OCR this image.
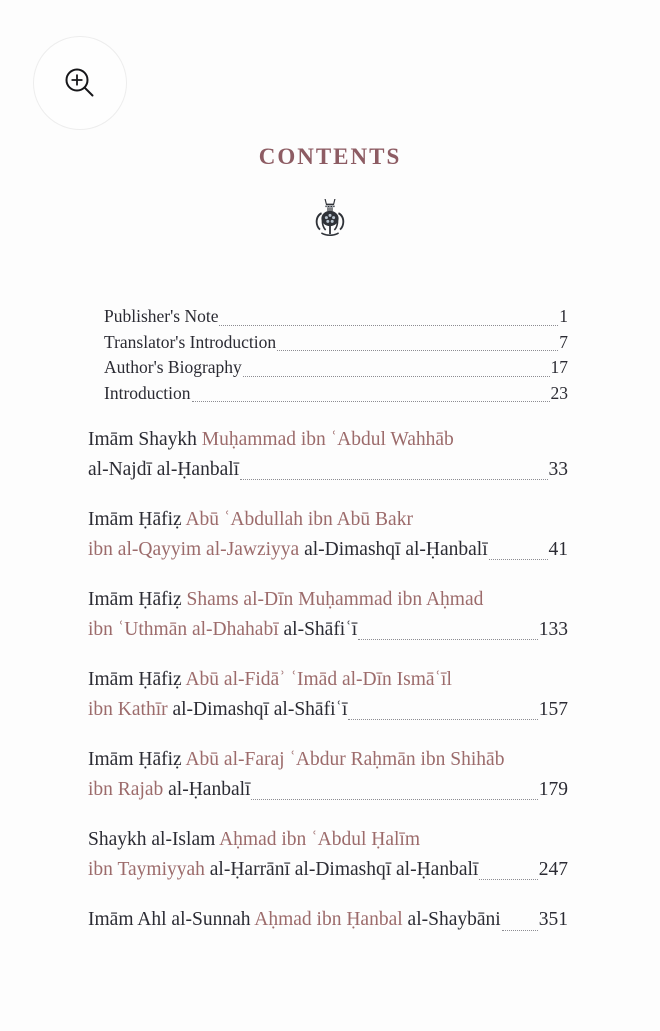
contents
Publisher's Note	1
Translator's Introduction	7
Author's Biography	17
Introduction	23
Imām Shaykh Muḥammad ibn ʿAbdul Wahhāb
al-Najdī al-Ḥanbalī	33
Imām Ḥāfiẓ Abū ʿAbdullah ibn Abū Bakr
ibn al-Qayyim al-Jawziyya al-Dimashqī al-Ḥanbalī	41
Imām Ḥāfiẓ Shams al-Dīn Muḥammad ibn Aḥmad
ibn ʿUthmān al-Dhahabī al-Shāfiʿī	133
Imām Ḥāfiẓ Abū al-Fidāʾ ʿImād al-Dīn Ismāʿīl
ibn Kathīr al-Dimashqī al-Shāfiʿī	157
Imām Ḥāfiẓ Abū al-Faraj ʿAbdur Raḥmān ibn Shihāb
ibn Rajab al-Ḥanbalī	179
Shaykh al-Islam Aḥmad ibn ʿAbdul Ḥalīm
ibn Taymiyyah al-Ḥarrānī al-Dimashqī al-Ḥanbalī	247
Imām Ahl al-Sunnah Aḥmad ibn Ḥanbal al-Shaybāni 351
